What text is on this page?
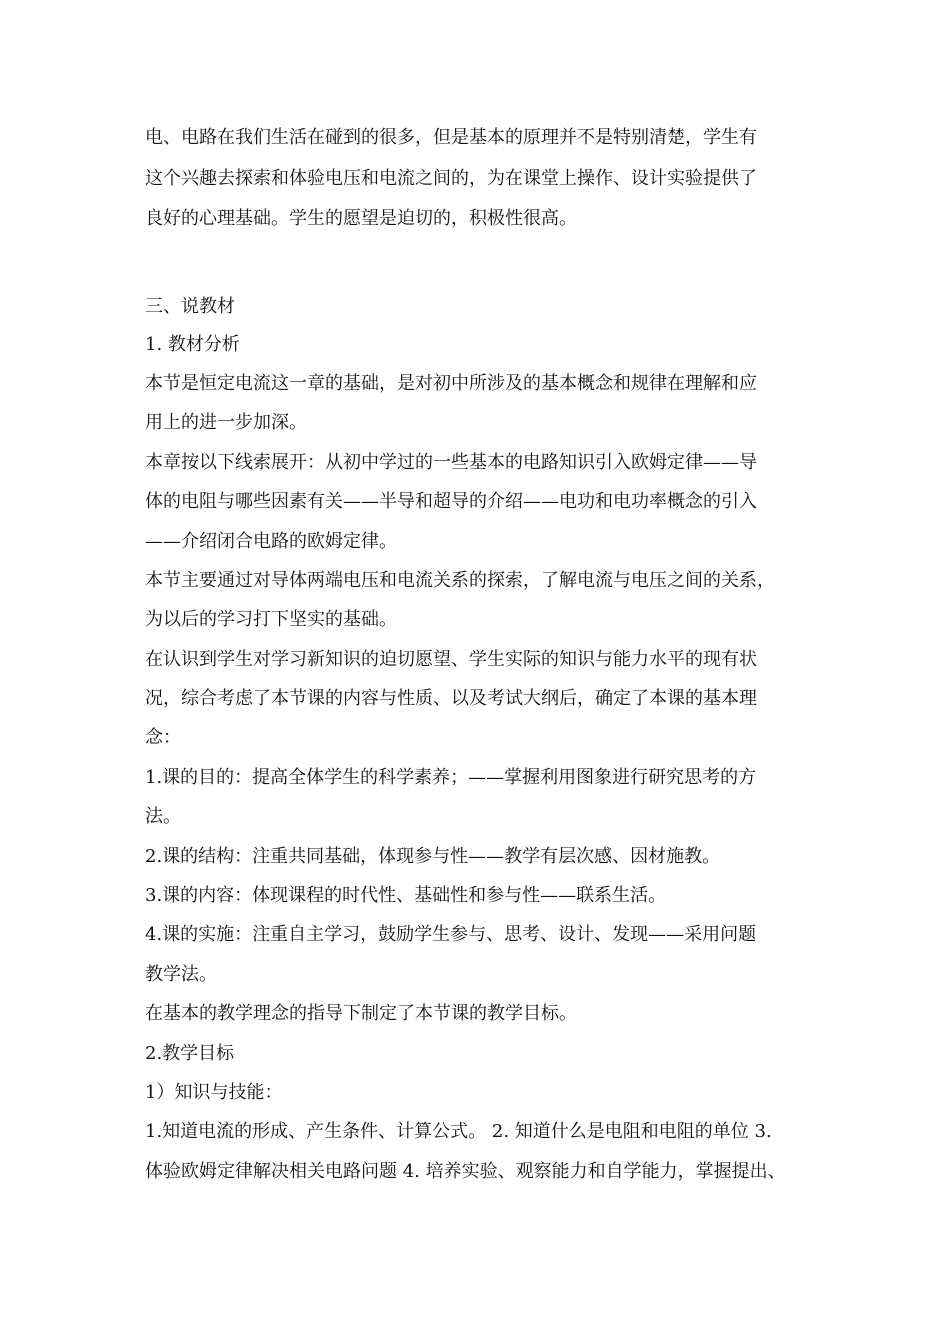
电、电路在我们生活在碰到的很多，但是基本的原理并不是特别清楚，学生有
这个兴趣去探索和体验电压和电流之间的，为在课堂上操作、设计实验提供了
良好的心理基础。学生的愿望是迫切的，积极性很高。
三、说教材
1. 教材分析
本节是恒定电流这一章的基础，是对初中所涉及的基本概念和规律在理解和应
用上的进一步加深。
本章按以下线索展开：从初中学过的一些基本的电路知识引入欧姆定律——导
体的电阻与哪些因素有关——半导和超导的介绍——电功和电功率概念的引入
——介绍闭合电路的欧姆定律。
本节主要通过对导体两端电压和电流关系的探索，了解电流与电压之间的关系，
为以后的学习打下坚实的基础。
在认识到学生对学习新知识的迫切愿望、学生实际的知识与能力水平的现有状
况，综合考虑了本节课的内容与性质、以及考试大纲后，确定了本课的基本理
念：
1.课的目的：提高全体学生的科学素养；——掌握利用图象进行研究思考的方
法。
2.课的结构：注重共同基础，体现参与性——教学有层次感、因材施教。
3.课的内容：体现课程的时代性、基础性和参与性——联系生活。
4.课的实施：注重自主学习，鼓励学生参与、思考、设计、发现——采用问题
教学法。
在基本的教学理念的指导下制定了本节课的教学目标。
2.教学目标
1）知识与技能：
1.知道电流的形成、产生条件、计算公式。 2. 知道什么是电阻和电阻的单位 3.
体验欧姆定律解决相关电路问题 4. 培养实验、观察能力和自学能力，掌握提出、
